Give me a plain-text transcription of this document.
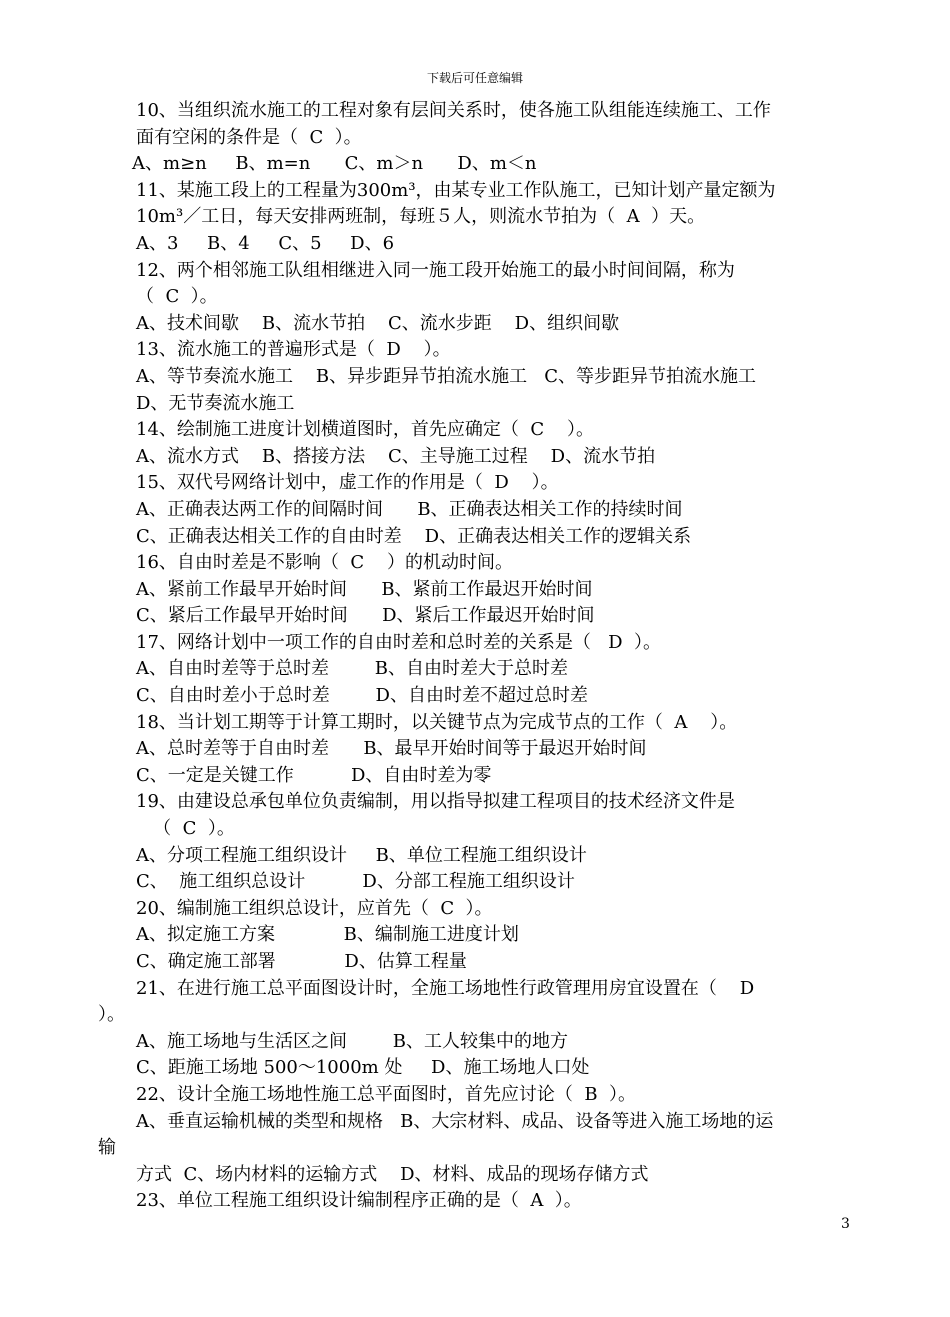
下载后可任意编辑
10、当组织流水施工的工程对象有层间关系时，使各施工队组能连续施工、工作
面有空闲的条件是（  C  ）。
A、m≥n     B、m=n      C、m＞n      D、m＜n
11、某施工段上的工程量为300m³，由某专业工作队施工，已知计划产量定额为
10m³／工日，每天安排两班制，每班５人，则流水节拍为（  A  ）天。
A、3     B、4     C、5     D、6
12、两个相邻施工队组相继进入同一施工段开始施工的最小时间间隔，称为
（  C  ）。
A、技术间歇    B、流水节拍    C、流水步距    D、组织间歇
13、流水施工的普遍形式是（  D    ）。
A、等节奏流水施工    B、异步距异节拍流水施工   C、等步距异节拍流水施工
D、无节奏流水施工
14、绘制施工进度计划横道图时，首先应确定（  C    ）。
A、流水方式    B、搭接方法    C、主导施工过程    D、流水节拍
15、双代号网络计划中，虚工作的作用是（  D    ）。
A、正确表达两工作的间隔时间      B、正确表达相关工作的持续时间
C、正确表达相关工作的自由时差    D、正确表达相关工作的逻辑关系
16、自由时差是不影响（  C    ）的机动时间。
A、紧前工作最早开始时间      B、紧前工作最迟开始时间
C、紧后工作最早开始时间      D、紧后工作最迟开始时间
17、网络计划中一项工作的自由时差和总时差的关系是（   D  ）。
A、自由时差等于总时差        B、自由时差大于总时差
C、自由时差小于总时差        D、自由时差不超过总时差
18、当计划工期等于计算工期时，以关键节点为完成节点的工作（  A    ）。
A、总时差等于自由时差      B、最早开始时间等于最迟开始时间
C、一定是关键工作          D、自由时差为零
19、由建设总承包单位负责编制，用以指导拟建工程项目的技术经济文件是
（  C  ）。
A、分项工程施工组织设计     B、单位工程施工组织设计
C、  施工组织总设计          D、分部工程施工组织设计
20、编制施工组织总设计，应首先（  C  ）。
A、拟定施工方案            B、编制施工进度计划
C、确定施工部署            D、估算工程量
21、在进行施工总平面图设计时，全施工场地性行政管理用房宜设置在（    D
）。
A、施工场地与生活区之间        B、工人较集中的地方
C、距施工场地 500～1000m 处     D、施工场地人口处
22、设计全施工场地性施工总平面图时，首先应讨论（  B  ）。
A、垂直运输机械的类型和规格   B、大宗材料、成品、设备等进入施工场地的运
输
方式  C、场内材料的运输方式    D、材料、成品的现场存储方式
23、单位工程施工组织设计编制程序正确的是（  A  ）。
3
